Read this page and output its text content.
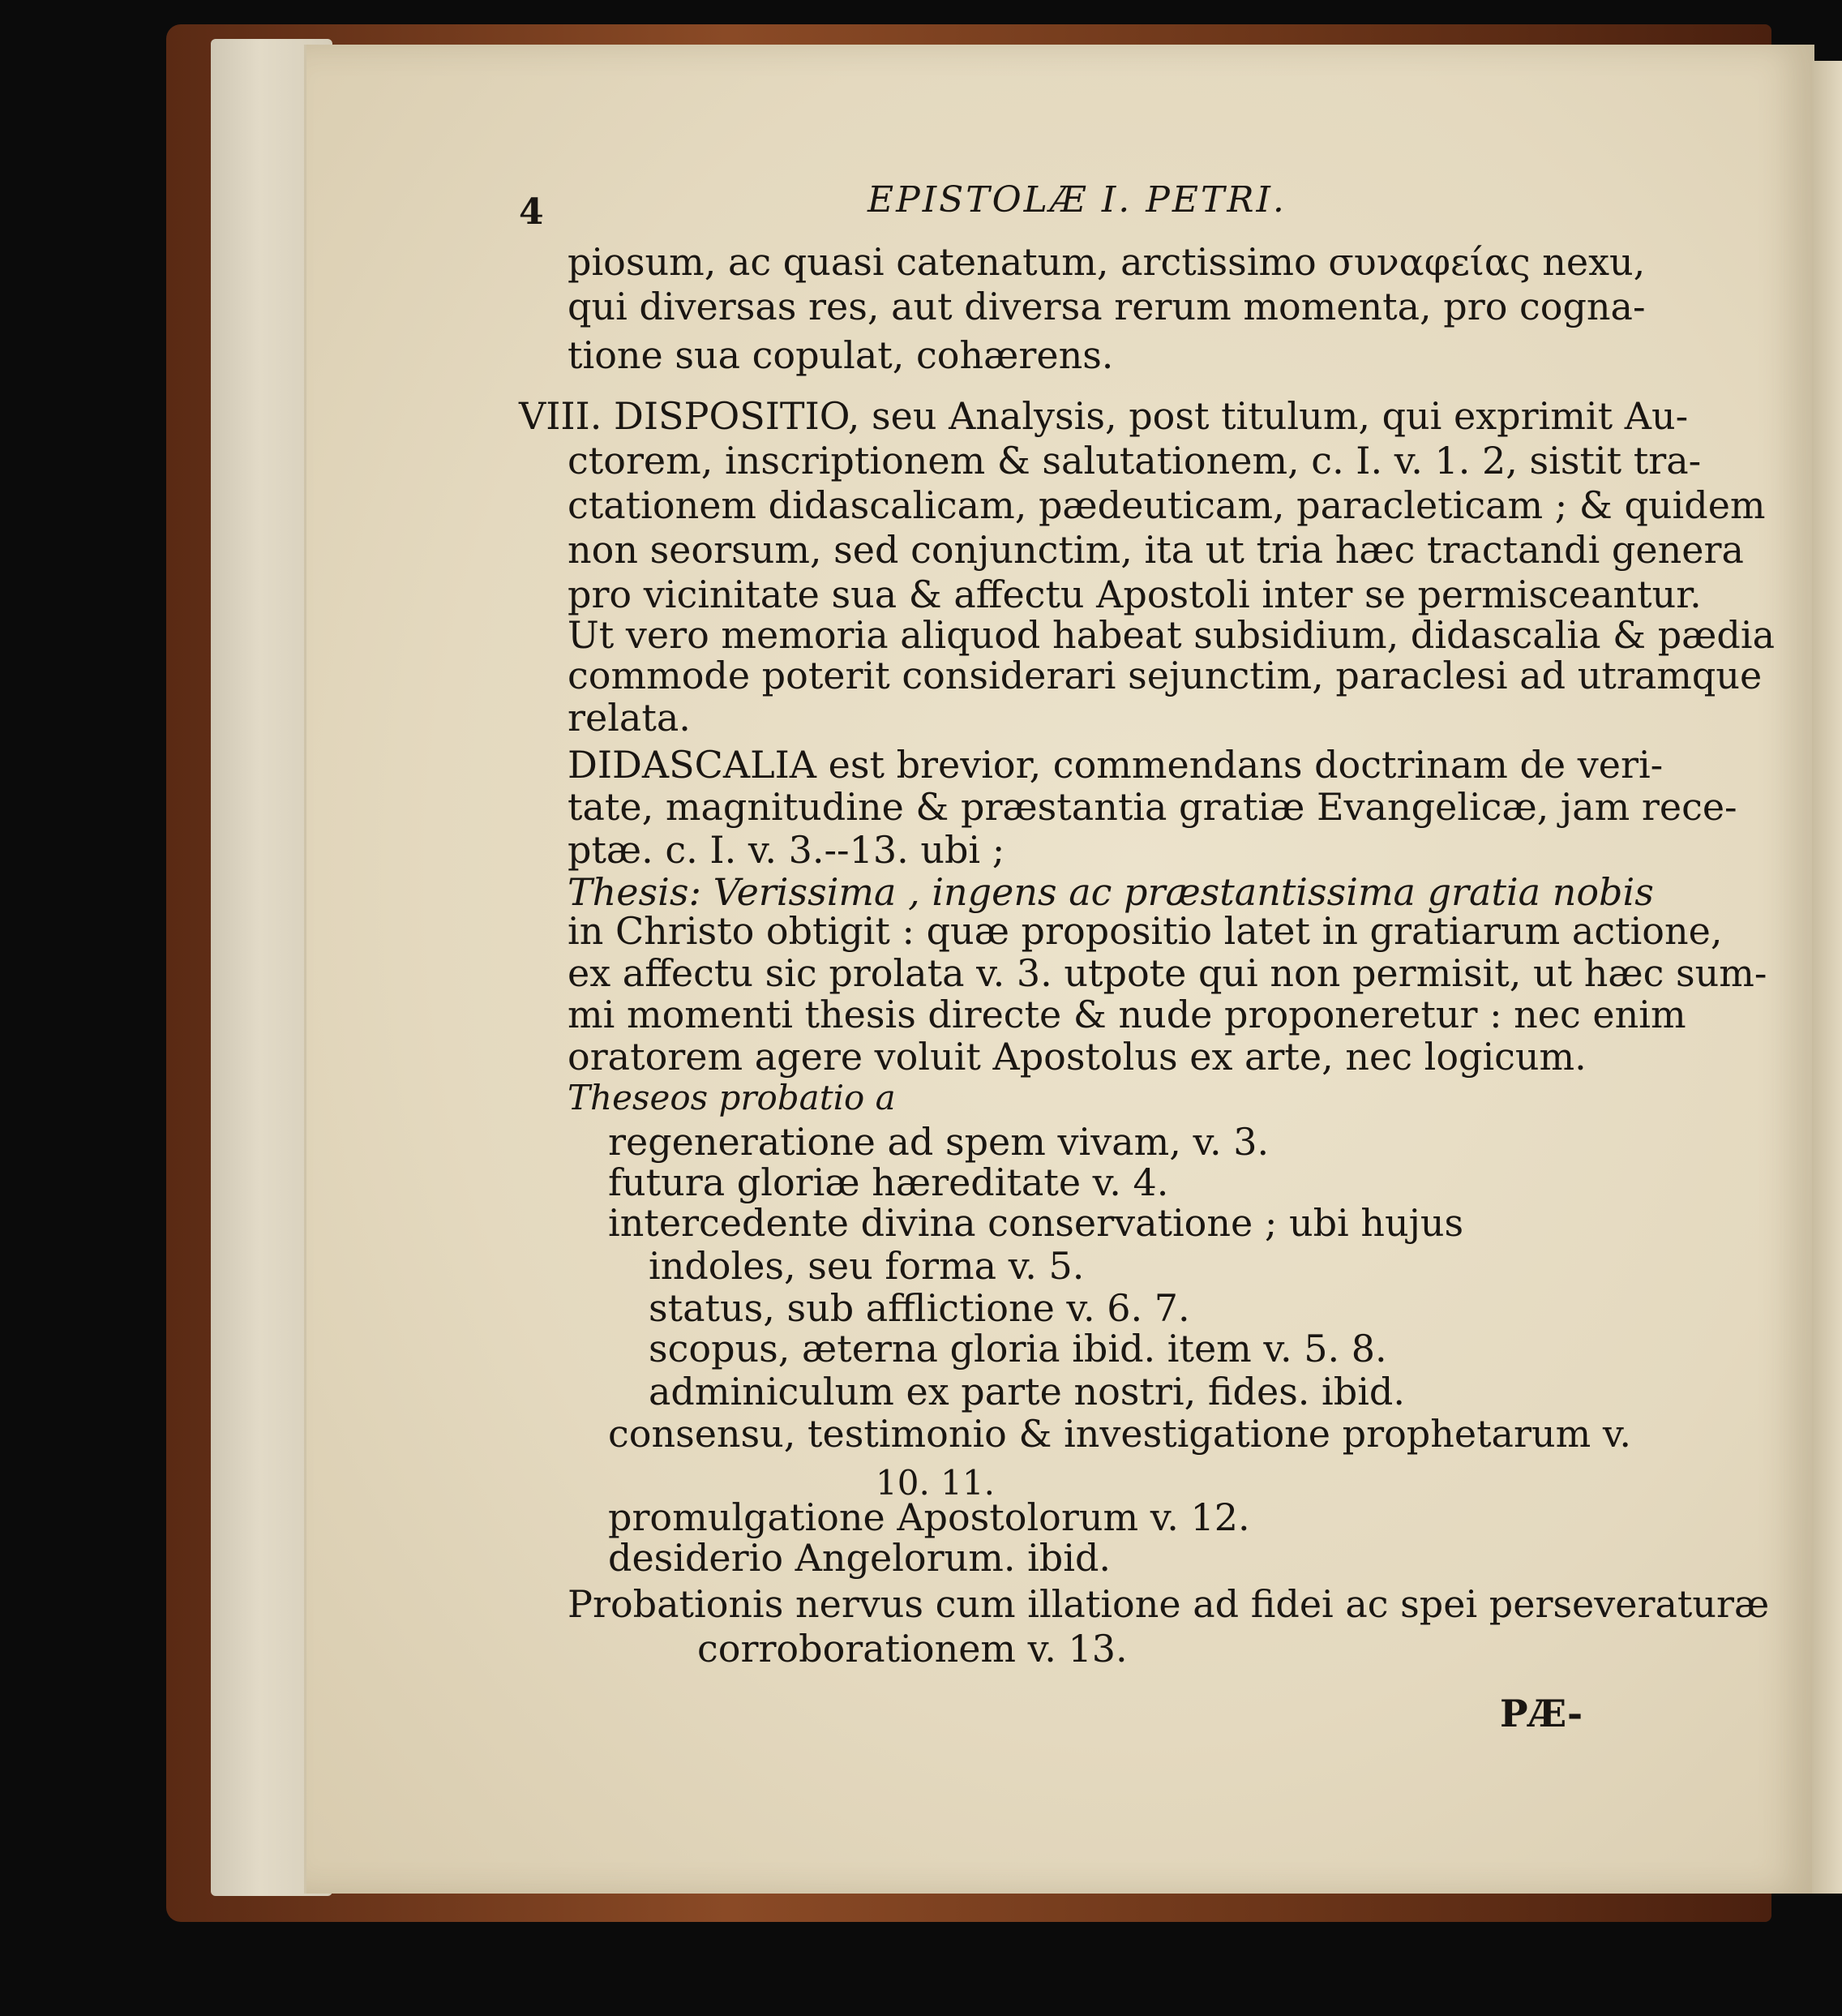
4	EPISTOLÆ I. PETRI.
piosum, ac quasi catenatum, arctissimo συναφείας nexu,
qui diversas res, aut diversa rerum momenta, pro cogna-
tione sua copulat, cohærens.
VIII. DISPOSITIO, seu Analysis, post titulum, qui exprimit Au-
ctorem, inscriptionem & salutationem, c. I. v. 1. 2, sistit tra-
ctationem didascalicam, pædeuticam, paracleticam ; & quidem
non seorsum, sed conjunctim, ita ut tria hæc tractandi genera
pro vicinitate sua & affectu Apostoli inter se permisceantur.
Ut vero memoria aliquod habeat subsidium, didascalia & pædia
commode poterit considerari sejunctim, paraclesi ad utramque
relata.
DIDASCALIA est brevior, commendans doctrinam de veri-
tate, magnitudine & præstantia gratiæ Evangelicæ, jam rece-
ptæ. c. I. v. 3.--13. ubi ;
Thesis: Verissima , ingens ac præstantissima gratia nobis
in Christo obtigit : quæ propositio latet in gratiarum actione,
ex affectu sic prolata v. 3. utpote qui non permisit, ut hæc sum-
mi momenti thesis directe & nude proponeretur : nec enim
oratorem agere voluit Apostolus ex arte, nec logicum.
Theseos probatio a
regeneratione ad spem vivam, v. 3.
futura gloriæ hæreditate v. 4.
intercedente divina conservatione ; ubi hujus
indoles, seu forma v. 5.
status, sub afflictione v. 6. 7.
scopus, æterna gloria ibid. item v. 5. 8.
adminiculum ex parte nostri, fides. ibid.
consensu, testimonio & investigatione prophetarum v.
10. 11.
promulgatione Apostolorum v. 12.
desiderio Angelorum. ibid.
Probationis nervus cum illatione ad fidei ac spei perseveraturæ
corroborationem v. 13.
PÆ-
